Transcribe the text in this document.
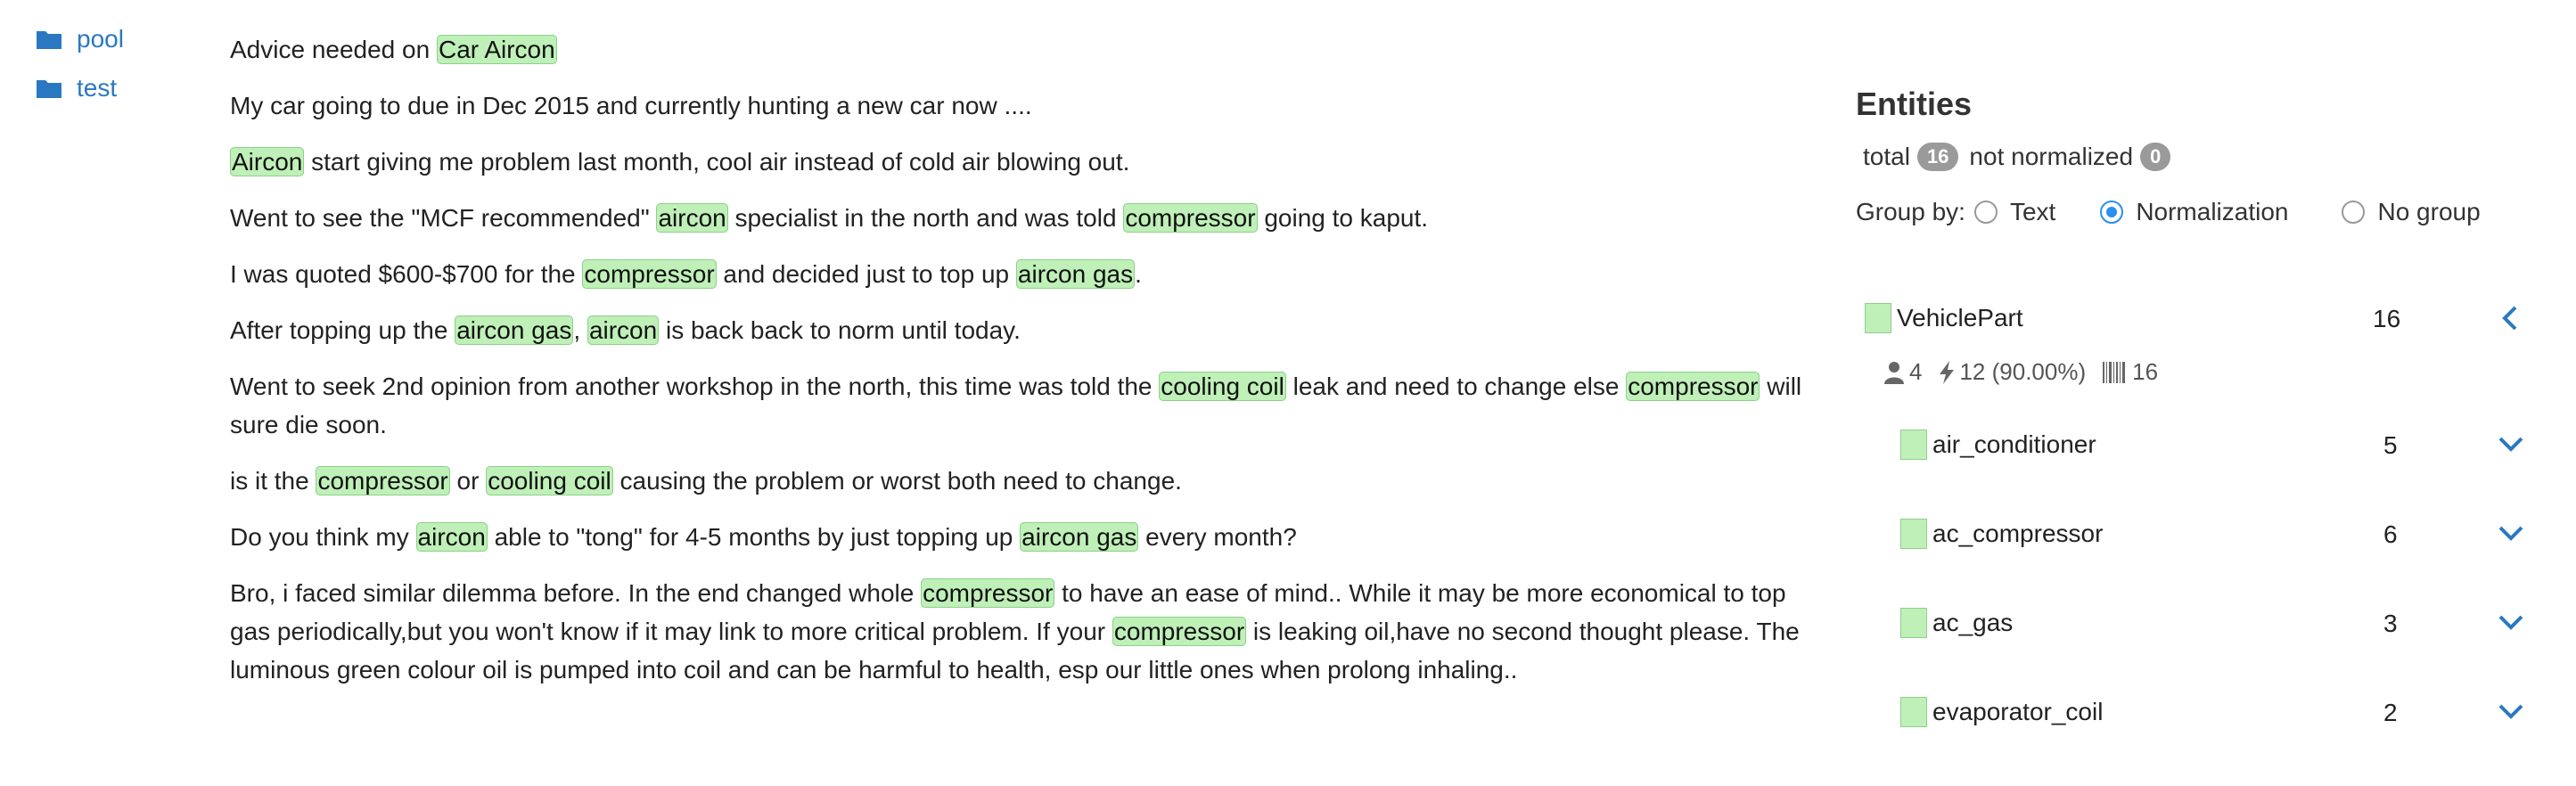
pool
test

Advice needed on Car Aircon

My car going to due in Dec 2015 and currently hunting a new car now ....

Aircon start giving me problem last month, cool air instead of cold air blowing out.

Went to see the "MCF recommended" aircon specialist in the north and was told compressor going to kaput.

I was quoted $600-$700 for the compressor and decided just to top up aircon gas.

After topping up the aircon gas, aircon is back back to norm until today.

Went to seek 2nd opinion from another workshop in the north, this time was told the cooling coil leak and need to change else compressor will sure die soon.

is it the compressor or cooling coil causing the problem or worst both need to change.

Do you think my aircon able to "tong" for 4-5 months by just topping up aircon gas every month?

Bro, i faced similar dilemma before. In the end changed whole compressor to have an ease of mind.. While it may be more economical to top gas periodically,but you won't know if it may link to more critical problem. If your compressor is leaking oil,have no second thought please. The luminous green colour oil is pumped into coil and can be harmful to health, esp our little ones when prolong inhaling..

Entities
total 16 not normalized 0
Group by: Text	Normalization	No group
VehiclePart	16
4 12 (90.00%) 16
air_conditioner	5
ac_compressor	6
ac_gas	3
evaporator_coil	2
